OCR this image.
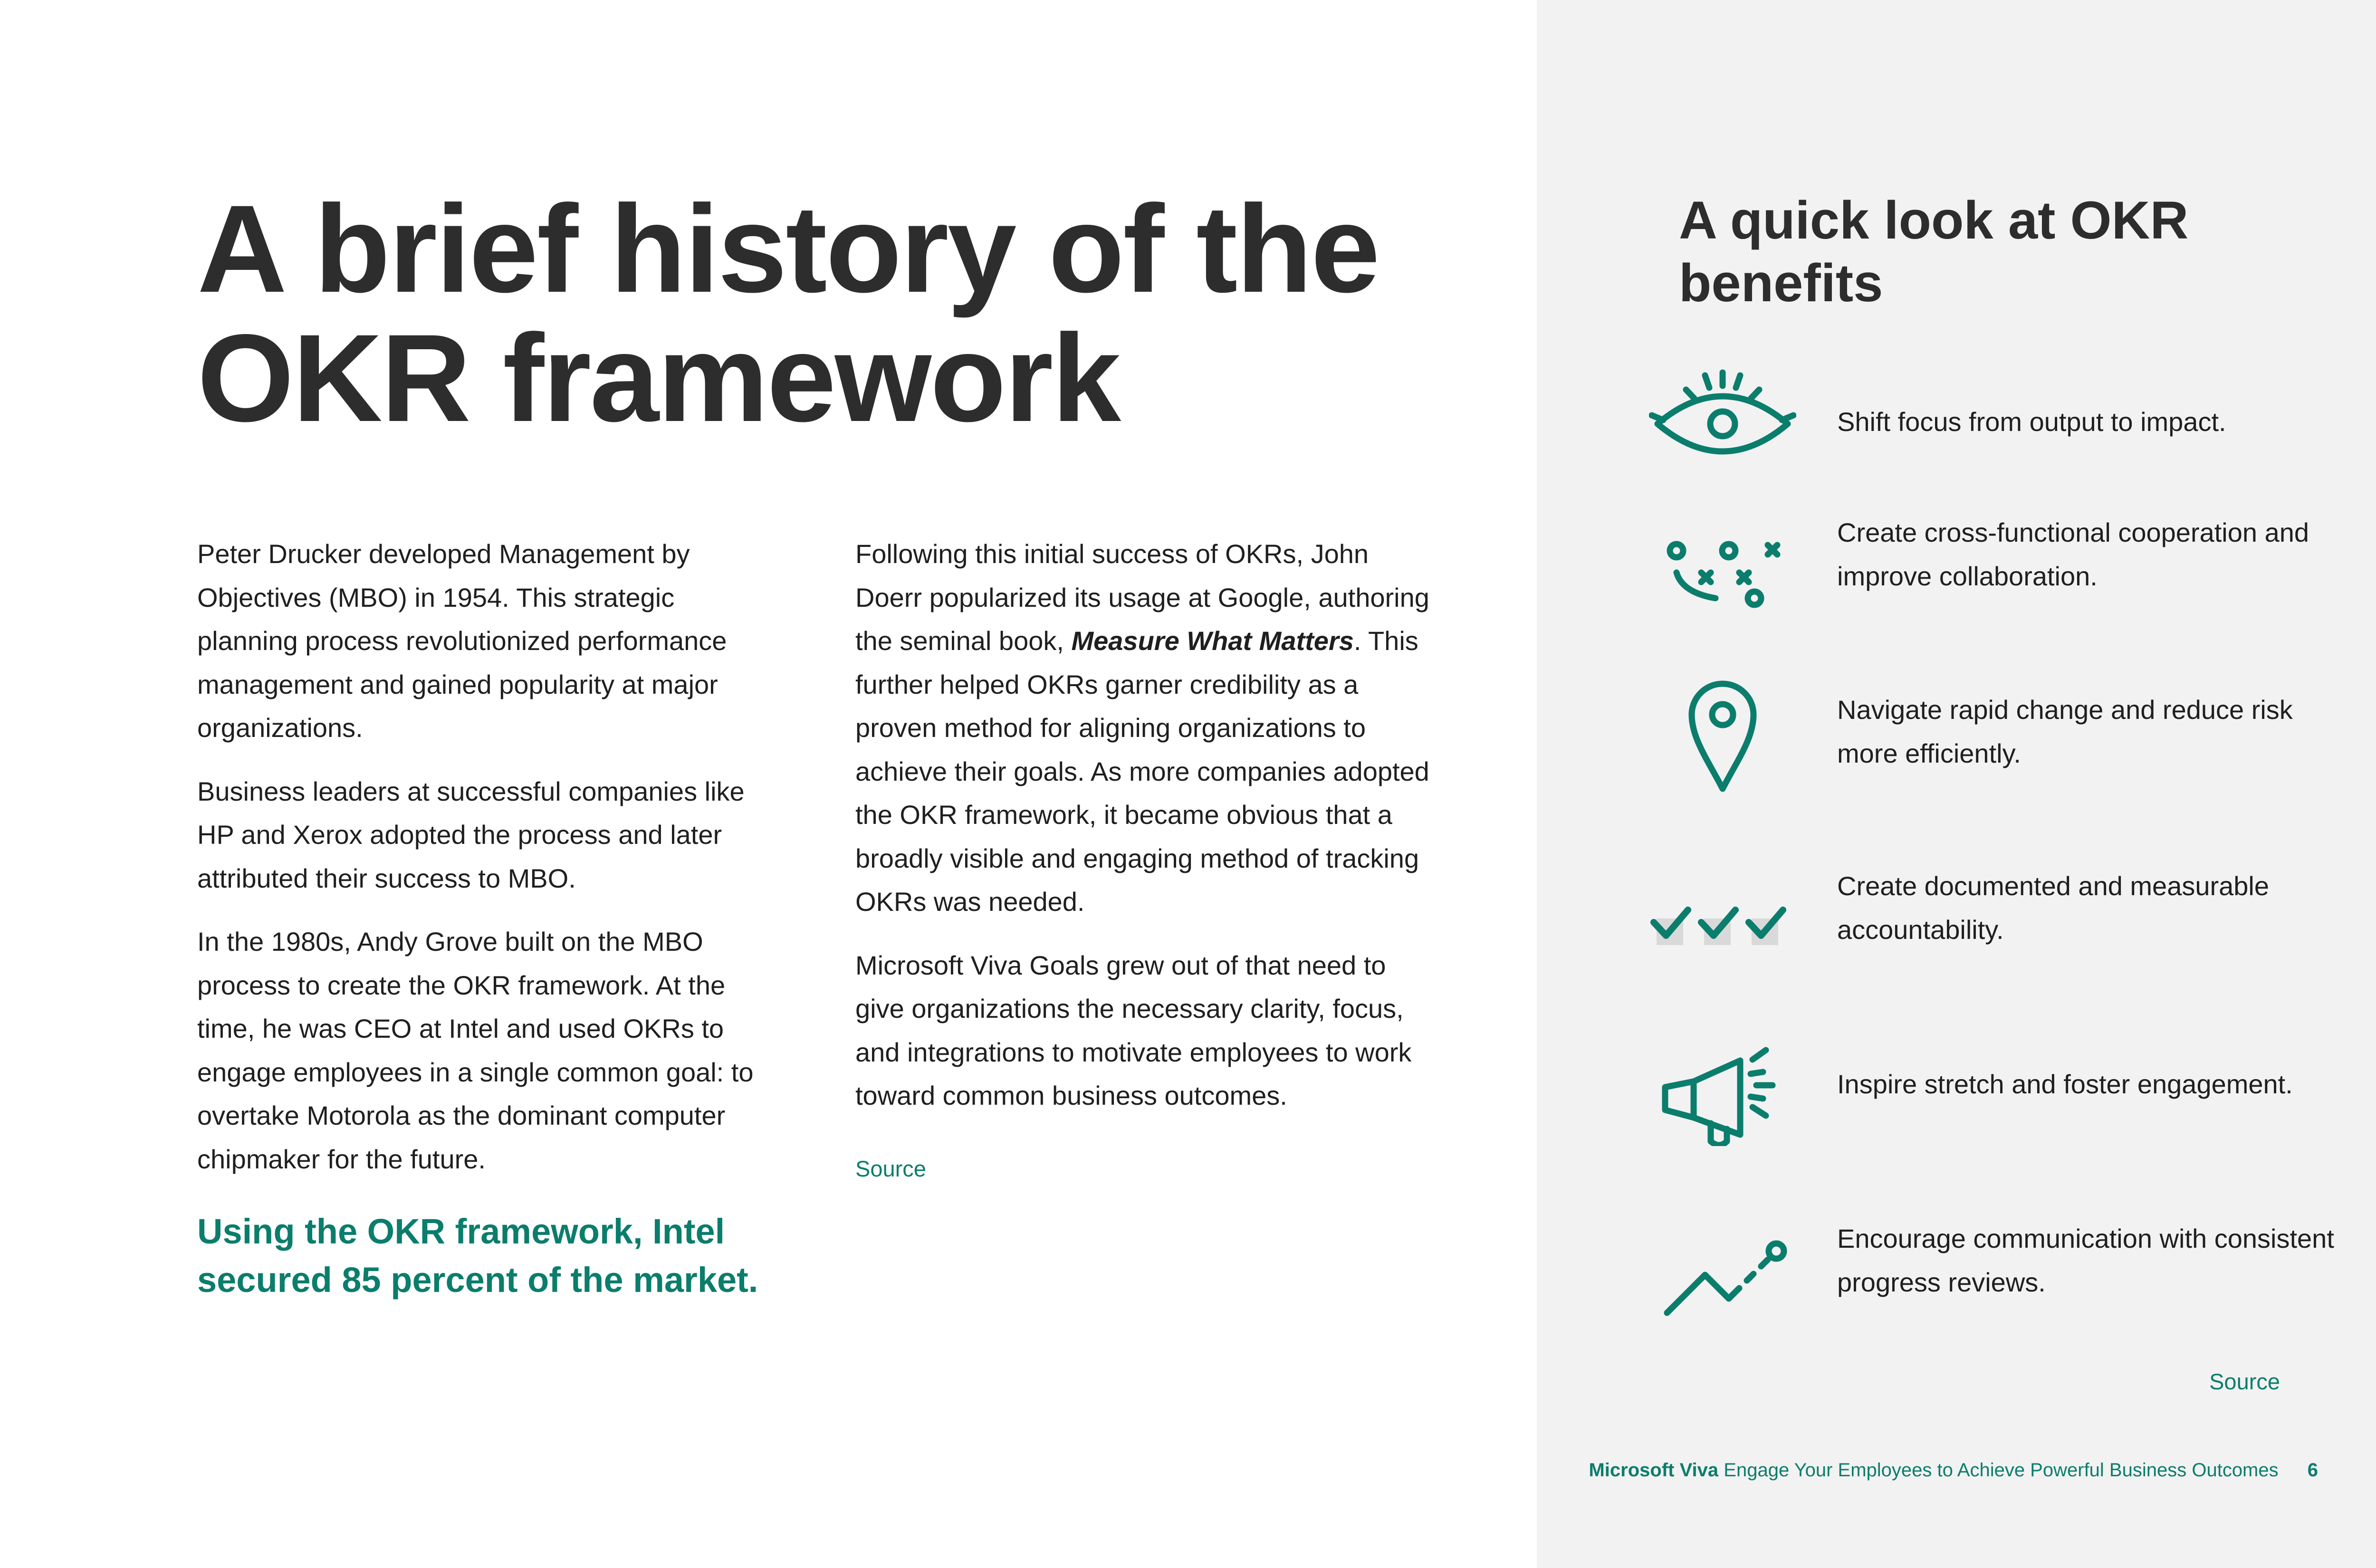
A brief history of the OKR framework

Peter Drucker developed Management by Objectives (MBO) in 1954. This strategic planning process revolutionized performance management and gained popularity at major organizations.

Business leaders at successful companies like HP and Xerox adopted the process and later attributed their success to MBO.

In the 1980s, Andy Grove built on the MBO process to create the OKR framework. At the time, he was CEO at Intel and used OKRs to engage employees in a single common goal: to overtake Motorola as the dominant computer chipmaker for the future.

Using the OKR framework, Intel secured 85 percent of the market.

Following this initial success of OKRs, John Doerr popularized its usage at Google, authoring the seminal book, Measure What Matters. This further helped OKRs garner credibility as a proven method for aligning organizations to achieve their goals. As more companies adopted the OKR framework, it became obvious that a broadly visible and engaging method of tracking OKRs was needed.

Microsoft Viva Goals grew out of that need to give organizations the necessary clarity, focus, and integrations to motivate employees to work toward common business outcomes.

Source
A quick look at OKR benefits
Shift focus from output to impact.
Create cross-functional cooperation and improve collaboration.
Navigate rapid change and reduce risk more efficiently.
Create documented and measurable accountability.
Inspire stretch and foster engagement.
Encourage communication with consistent progress reviews.
Source
Microsoft Viva Engage Your Employees to Achieve Powerful Business Outcomes 6
